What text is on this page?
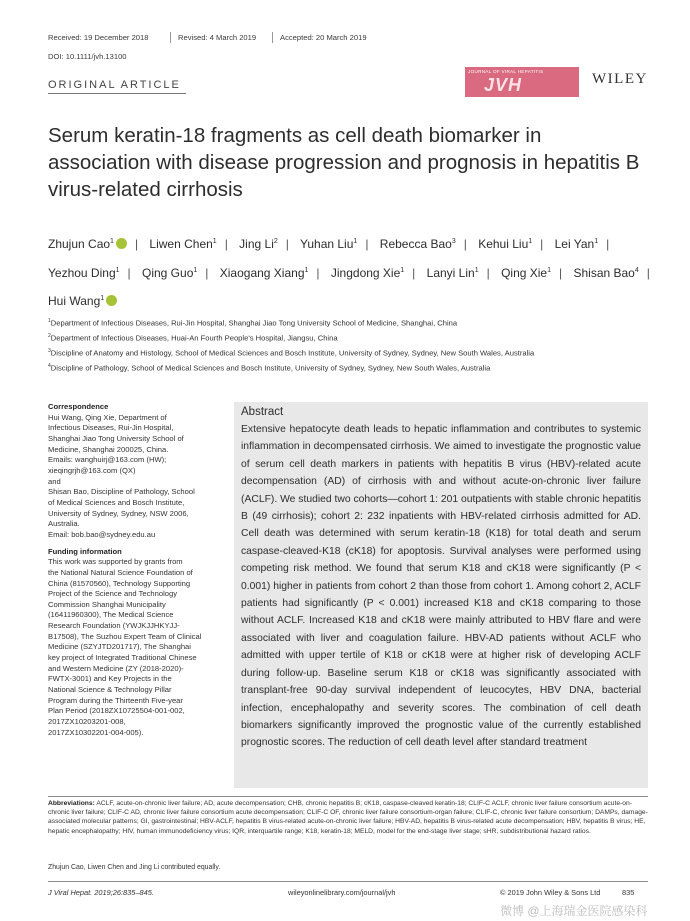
Received: 19 December 2018	Revised: 4 March 2019	Accepted: 20 March 2019
DOI: 10.1111/jvh.13100
ORIGINAL ARTICLE
JOURNAL OF VIRAL HEPATITIS
JVH	WILEY
Serum keratin-18 fragments as cell death biomarker in association with disease progression and prognosis in hepatitis B virus-related cirrhosis
Zhujun Cao$^1$ | Liwen Chen$^1$ | Jing Li$^2$ | Yuhan Liu$^1$ | Rebecca Bao$^3$ | Kehui Liu$^1$ | Lei Yan$^1$ | Yezhou Ding$^1$ | Qing Guo$^1$ | Xiaogang Xiang$^1$ | Jingdong Xie$^1$ | Lanyi Lin$^1$ | Qing Xie$^1$ | Shisan Bao$^4$ | Hui Wang$^1$
$^1$Department of Infectious Diseases, Rui-Jin Hospital, Shanghai Jiao Tong University School of Medicine, Shanghai, China
$^2$Department of Infectious Diseases, Huai-An Fourth People's Hospital, Jiangsu, China
$^3$Discipline of Anatomy and Histology, School of Medical Sciences and Bosch Institute, University of Sydney, Sydney, New South Wales, Australia
$^4$Discipline of Pathology, School of Medical Sciences and Bosch Institute, University of Sydney, Sydney, New South Wales, Australia

Correspondence

Hui Wang, Qing Xie, Department of
Infectious Diseases, Rui-Jin Hospital,
Shanghai Jiao Tong University School of
Medicine, Shanghai 200025, China.
Emails: wanghuirj@163.com (HW);
xieqingrjh@163.com (QX)
and
Shisan Bao, Discipline of Pathology, School
of Medical Sciences and Bosch Institute,
University of Sydney, Sydney, NSW 2006,
Australia.
Email: bob.bao@sydney.edu.au

Funding information

This work was supported by grants from
the National Natural Science Foundation of
China (81570560), Technology Supporting
Project of the Science and Technology
Commission Shanghai Municipality
(16411960300), The Medical Science
Research Foundation (YWJKJJHKYJJ-
B17508), The Suzhou Expert Team of Clinical
Medicine (SZYJTD201717), The Shanghai
key project of Integrated Traditional Chinese
and Western Medicine (ZY (2018-2020)-
FWTX-3001) and Key Projects in the
National Science & Technology Pillar
Program during the Thirteenth Five-year
Plan Period (2018ZX10725504-001-002,
2017ZX10203201-008,
2017ZX10302201-004-005).

Abstract
Extensive hepatocyte death leads to hepatic inflammation and contributes to systemic inflammation in decompensated cirrhosis. We aimed to investigate the prognostic value of serum cell death markers in patients with hepatitis B virus (HBV)-related acute decompensation (AD) of cirrhosis with and without acute-on-chronic liver failure (ACLF). We studied two cohorts—cohort 1: 201 outpatients with stable chronic hepatitis B (49 cirrhosis); cohort 2: 232 inpatients with HBV-related cirrhosis admitted for AD. Cell death was determined with serum keratin-18 (K18) for total death and serum caspase-cleaved-K18 (cK18) for apoptosis. Survival analyses were performed using competing risk method. We found that serum K18 and cK18 were significantly (P < 0.001) higher in patients from cohort 2 than those from cohort 1. Among cohort 2, ACLF patients had significantly (P < 0.001) increased K18 and cK18 comparing to those without ACLF. Increased K18 and cK18 were mainly attributed to HBV flare and were associated with liver and coagulation failure. HBV-AD patients without ACLF who admitted with upper tertile of K18 or cK18 were at higher risk of developing ACLF during follow-up. Baseline serum K18 or cK18 was significantly associated with transplant-free 90-day survival independent of leucocytes, HBV DNA, bacterial infection, encephalopathy and severity scores. The combination of cell death biomarkers significantly improved the prognostic value of the currently established prognostic scores. The reduction of cell death level after standard treatment
Abbreviations: ACLF, acute-on-chronic liver failure; AD, acute decompensation; CHB, chronic hepatitis B; cK18, caspase-cleaved keratin-18; CLIF-C ACLF, chronic liver failure consortium acute-on-chronic liver failure; CLIF-C AD, chronic liver failure consortium acute decompensation; CLIF-C OF, chronic liver failure consortium-organ failure; CLIF-C, chronic liver failure consortium; DAMPs, damage-associated molecular patterns; GI, gastrointestinal; HBV-ACLF, hepatitis B virus-related acute-on-chronic liver failure; HBV-AD, hepatitis B virus-related acute decompensation; HBV, hepatitis B virus; HE, hepatic encephalopathy; HIV, human immunodeficiency virus; IQR, interquartile range; K18, keratin-18; MELD, model for the end-stage liver stage; sHR, subdistributional hazard ratios.
Zhujun Cao, Liwen Chen and Jing Li contributed equally.
J Viral Hepat. 2019;26:835–845.	wileyonlinelibrary.com/journal/jvh	© 2019 John Wiley & Sons Ltd	835
微博 @上海瑞金医院感染科
